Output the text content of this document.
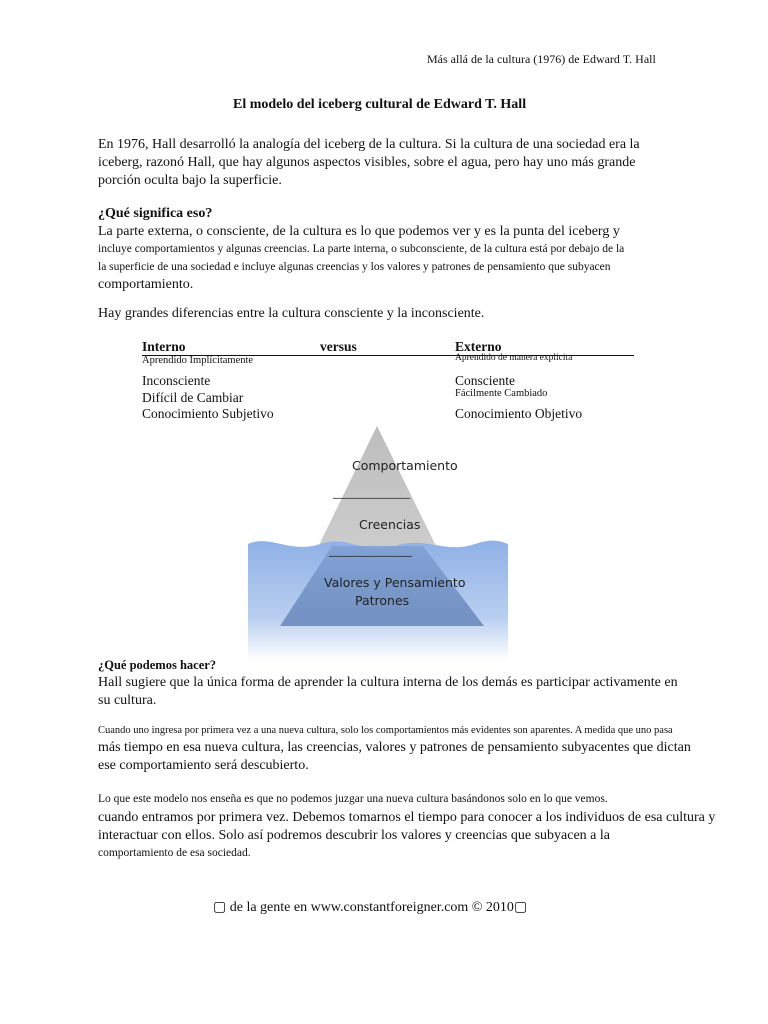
Más allá de la cultura (1976) de Edward T. Hall
El modelo del iceberg cultural de Edward T. Hall
En 1976, Hall desarrolló la analogía del iceberg de la cultura. Si la cultura de una sociedad era la
iceberg, razonó Hall, que hay algunos aspectos visibles, sobre el agua, pero hay uno más grande
porción oculta bajo la superficie.
¿Qué significa eso?
La parte externa, o consciente, de la cultura es lo que podemos ver y es la punta del iceberg y
incluye comportamientos y algunas creencias. La parte interna, o subconsciente, de la cultura está por debajo de la
la superficie de una sociedad e incluye algunas creencias y los valores y patrones de pensamiento que subyacen
comportamiento.
Hay grandes diferencias entre la cultura consciente y la inconsciente.
Interno	versus	Externo
Aprendido Implícitamente
Inconsciente
Difícil de Cambiar
Conocimiento Subjetivo
Aprendido de manera explícita
Consciente
Fácilmente Cambiado
Conocimiento Objetivo
Comportamiento
______________
Creencias
_______________
Valores y Pensamiento
Patrones
¿Qué podemos hacer?
Hall sugiere que la única forma de aprender la cultura interna de los demás es participar activamente en
su cultura.
Cuando uno ingresa por primera vez a una nueva cultura, solo los comportamientos más evidentes son aparentes. A medida que uno pasa
más tiempo en esa nueva cultura, las creencias, valores y patrones de pensamiento subyacentes que dictan
ese comportamiento será descubierto.
Lo que este modelo nos enseña es que no podemos juzgar una nueva cultura basándonos solo en lo que vemos.
cuando entramos por primera vez. Debemos tomarnos el tiempo para conocer a los individuos de esa cultura y
interactuar con ellos. Solo así podremos descubrir los valores y creencias que subyacen a la
comportamiento de esa sociedad.
▢ de la gente en www.constantforeigner.com © 2010▢
